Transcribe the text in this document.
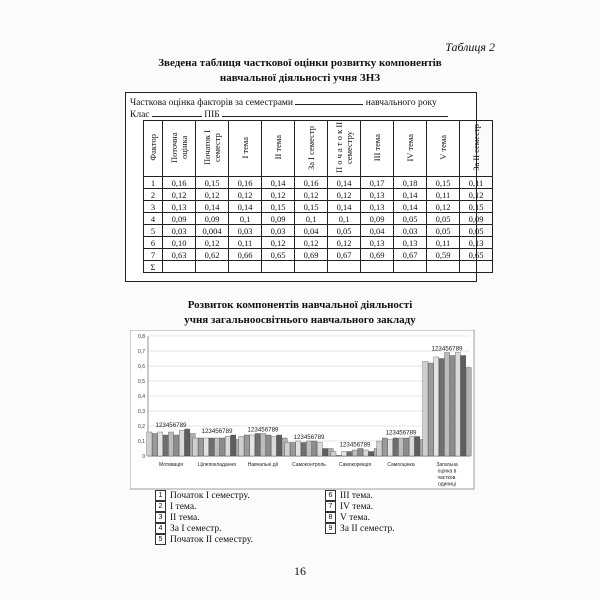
Таблиця 2
Зведена таблиця часткової оцінки розвитку компонентів
навчальної діяльності учня ЗНЗ
Часткова оцінка факторів за семестрами	навчального року
Клас	ПІБ
Фактор	Поточна оцінка	Початок I семестр	I тема	II тема	За I семестр	П о ч а т о к II семестру	III тема	IV тема	V тема	За II семестр
1	0,16	0,15	0,16	0,14	0,16	0,14	0,17	0,18	0,15	0,11
2	0,12	0,12	0,12	0,12	0,12	0,12	0,13	0,14	0,11	0,12
3	0,13	0,14	0,14	0,15	0,15	0,14	0,13	0,14	0,12	0,15
4	0,09	0,09	0,1	0,09	0,1	0,1	0,09	0,05	0,05	0,09
5	0,03	0,004	0,03	0,03	0,04	0,05	0,04	0,03	0,05	0,05
6	0,10	0,12	0,11	0,12	0,12	0,12	0,13	0,13	0,11	0,13
7	0,63	0,62	0,66	0,65	0,69	0,67	0,69	0,67	0,59	0,65
Σ										
Розвиток компонентів навчальної діяльності
учня загальноосвітнього навчального закладу
0
0,1
0,2
0,3
0,4
0,5
0,6
0,7
0,8
123456789
Мотивація
123456789
Цілепокладання
123456789
Навчальні дії
123456789
Самоконтроль
123456789
Самокорекція
123456789
Самооцінка
123456789
Загальна
оцінка в
частков.
одиниці
1 Початок I семестру.
2 I тема.
3 II тема.
4 За I семестр.
5 Початок II семестру.
6 III тема.
7 IV тема.
8 V тема.
9 За II семестр.
16
